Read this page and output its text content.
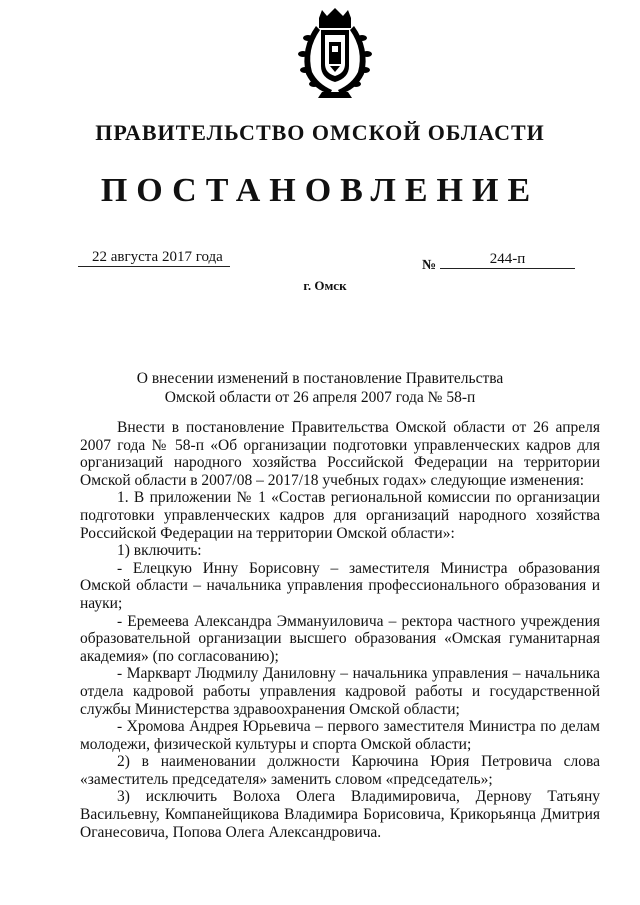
ПРАВИТЕЛЬСТВО ОМСКОЙ ОБЛАСТИ
ПОСТАНОВЛЕНИЕ
22 августа 2017 года
№	244-п
г. Омск
О внесении изменений в постановление Правительства
Омской области от 26 апреля 2007 года № 58-п

Внести в постановление Правительства Омской области от 26 апреля 2007 года № 58-п «Об организации подготовки управленческих кадров для организаций народного хозяйства Российской Федерации на территории Омской области в 2007/08 – 2017/18 учебных годах» следующие изменения:

1. В приложении № 1 «Состав региональной комиссии по организации подготовки управленческих кадров для организаций народного хозяйства Российской Федерации на территории Омской области»:

1) включить:

- Елецкую Инну Борисовну – заместителя Министра образования Омской области – начальника управления профессионального образования и науки;

- Еремеева Александра Эммануиловича – ректора частного учреждения образовательной организации высшего образования «Омская гуманитарная академия» (по согласованию);

- Маркварт Людмилу Даниловну – начальника управления – начальника отдела кадровой работы управления кадровой работы и государственной службы Министерства здравоохранения Омской области;

- Хромова Андрея Юрьевича – первого заместителя Министра по делам молодежи, физической культуры и спорта Омской области;

2) в наименовании должности Карючина Юрия Петровича слова «заместитель председателя» заменить словом «председатель»;

3) исключить Волоха Олега Владимировича, Дернову Татьяну Васильевну, Компанейщикова Владимира Борисовича, Крикорьянца Дмитрия Оганесовича, Попова Олега Александровича.
